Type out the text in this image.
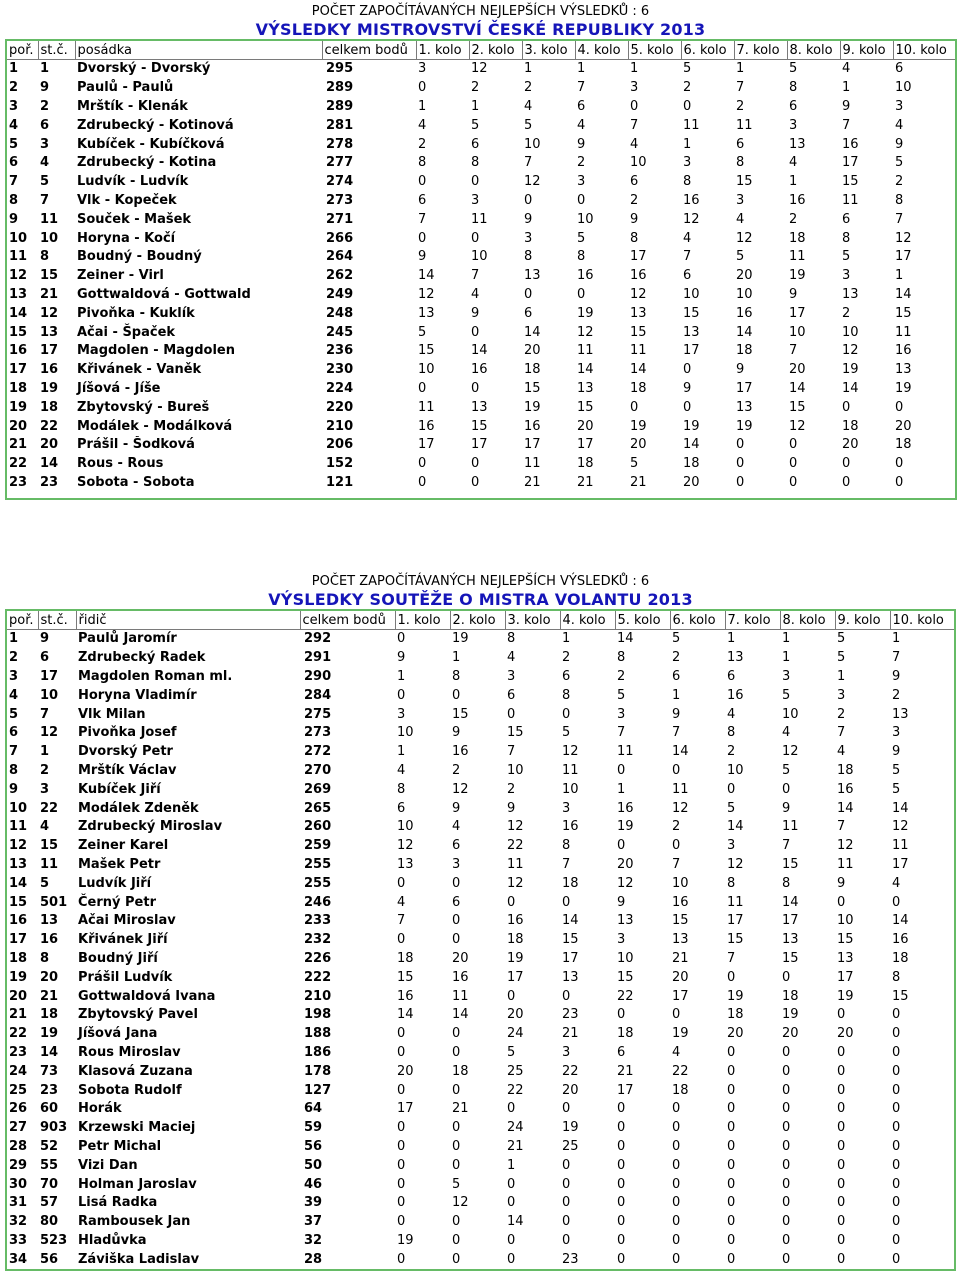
POČET ZAPOČÍTÁVANÝCH NEJLEPŠÍCH VÝSLEDKŮ : 6
VÝSLEDKY MISTROVSTVÍ ČESKÉ REPUBLIKY 2013
poř.	st.č.	posádka	celkem bodů	1. kolo	2. kolo	3. kolo	4. kolo	5. kolo	6. kolo	7. kolo	8. kolo	9. kolo	10. kolo
1	1	Dvorský - Dvorský	295	3	12	1	1	1	5	1	5	4	6
2	9	Paulů - Paulů	289	0	2	2	7	3	2	7	8	1	10
3	2	Mrštík - Klenák	289	1	1	4	6	0	0	2	6	9	3
4	6	Zdrubecký - Kotinová	281	4	5	5	4	7	11	11	3	7	4
5	3	Kubíček - Kubíčková	278	2	6	10	9	4	1	6	13	16	9
6	4	Zdrubecký - Kotina	277	8	8	7	2	10	3	8	4	17	5
7	5	Ludvík - Ludvík	274	0	0	12	3	6	8	15	1	15	2
8	7	Vlk - Kopeček	273	6	3	0	0	2	16	3	16	11	8
9	11	Souček - Mašek	271	7	11	9	10	9	12	4	2	6	7
10	10	Horyna - Kočí	266	0	0	3	5	8	4	12	18	8	12
11	8	Boudný - Boudný	264	9	10	8	8	17	7	5	11	5	17
12	15	Zeiner - Virl	262	14	7	13	16	16	6	20	19	3	1
13	21	Gottwaldová - Gottwald	249	12	4	0	0	12	10	10	9	13	14
14	12	Pivoňka - Kuklík	248	13	9	6	19	13	15	16	17	2	15
15	13	Ačai - Špaček	245	5	0	14	12	15	13	14	10	10	11
16	17	Magdolen - Magdolen	236	15	14	20	11	11	17	18	7	12	16
17	16	Křivánek - Vaněk	230	10	16	18	14	14	0	9	20	19	13
18	19	Jíšová - Jíše	224	0	0	15	13	18	9	17	14	14	19
19	18	Zbytovský - Bureš	220	11	13	19	15	0	0	13	15	0	0
20	22	Modálek - Modálková	210	16	15	16	20	19	19	19	12	18	20
21	20	Prášil - Šodková	206	17	17	17	17	20	14	0	0	20	18
22	14	Rous - Rous	152	0	0	11	18	5	18	0	0	0	0
23	23	Sobota - Sobota	121	0	0	21	21	21	20	0	0	0	0
POČET ZAPOČÍTÁVANÝCH NEJLEPŠÍCH VÝSLEDKŮ : 6
VÝSLEDKY SOUTĚŽE O MISTRA VOLANTU 2013
poř.	st.č.	řidič	celkem bodů	1. kolo	2. kolo	3. kolo	4. kolo	5. kolo	6. kolo	7. kolo	8. kolo	9. kolo	10. kolo
1	9	Paulů Jaromír	292	0	19	8	1	14	5	1	1	5	1
2	6	Zdrubecký Radek	291	9	1	4	2	8	2	13	1	5	7
3	17	Magdolen Roman ml.	290	1	8	3	6	2	6	6	3	1	9
4	10	Horyna Vladimír	284	0	0	6	8	5	1	16	5	3	2
5	7	Vlk Milan	275	3	15	0	0	3	9	4	10	2	13
6	12	Pivoňka Josef	273	10	9	15	5	7	7	8	4	7	3
7	1	Dvorský Petr	272	1	16	7	12	11	14	2	12	4	9
8	2	Mrštík Václav	270	4	2	10	11	0	0	10	5	18	5
9	3	Kubíček Jiří	269	8	12	2	10	1	11	0	0	16	5
10	22	Modálek Zdeněk	265	6	9	9	3	16	12	5	9	14	14
11	4	Zdrubecký Miroslav	260	10	4	12	16	19	2	14	11	7	12
12	15	Zeiner Karel	259	12	6	22	8	0	0	3	7	12	11
13	11	Mašek Petr	255	13	3	11	7	20	7	12	15	11	17
14	5	Ludvík Jiří	255	0	0	12	18	12	10	8	8	9	4
15	501	Černý Petr	246	4	6	0	0	9	16	11	14	0	0
16	13	Ačai Miroslav	233	7	0	16	14	13	15	17	17	10	14
17	16	Křivánek Jiří	232	0	0	18	15	3	13	15	13	15	16
18	8	Boudný Jiří	226	18	20	19	17	10	21	7	15	13	18
19	20	Prášil Ludvík	222	15	16	17	13	15	20	0	0	17	8
20	21	Gottwaldová Ivana	210	16	11	0	0	22	17	19	18	19	15
21	18	Zbytovský Pavel	198	14	14	20	23	0	0	18	19	0	0
22	19	Jíšová Jana	188	0	0	24	21	18	19	20	20	20	0
23	14	Rous Miroslav	186	0	0	5	3	6	4	0	0	0	0
24	73	Klasová Zuzana	178	20	18	25	22	21	22	0	0	0	0
25	23	Sobota Rudolf	127	0	0	22	20	17	18	0	0	0	0
26	60	Horák	64	17	21	0	0	0	0	0	0	0	0
27	903	Krzewski Maciej	59	0	0	24	19	0	0	0	0	0	0
28	52	Petr Michal	56	0	0	21	25	0	0	0	0	0	0
29	55	Vizi Dan	50	0	0	1	0	0	0	0	0	0	0
30	70	Holman Jaroslav	46	0	5	0	0	0	0	0	0	0	0
31	57	Lisá Radka	39	0	12	0	0	0	0	0	0	0	0
32	80	Rambousek Jan	37	0	0	14	0	0	0	0	0	0	0
33	523	Hladůvka	32	19	0	0	0	0	0	0	0	0	0
34	56	Záviška Ladislav	28	0	0	0	23	0	0	0	0	0	0
